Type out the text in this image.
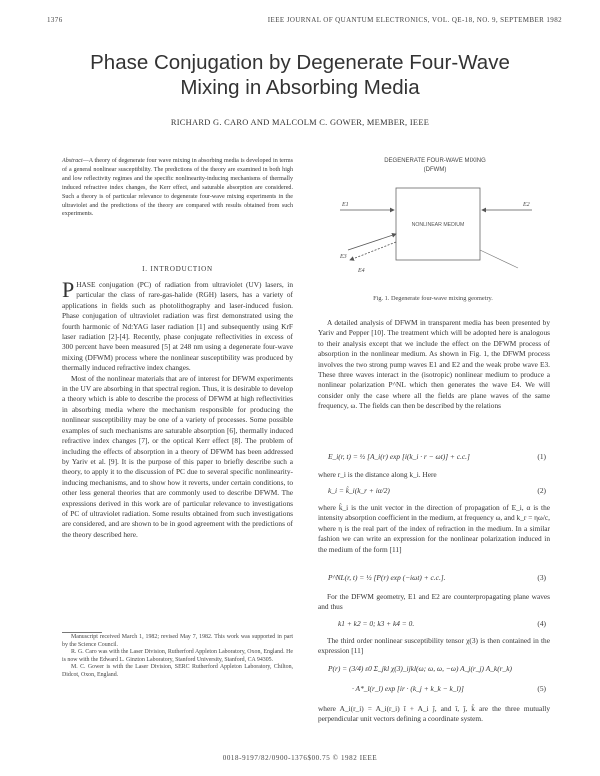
1376	IEEE JOURNAL OF QUANTUM ELECTRONICS, VOL. QE-18, NO. 9, SEPTEMBER 1982
Phase Conjugation by Degenerate Four-Wave
Mixing in Absorbing Media
RICHARD G. CARO AND MALCOLM C. GOWER, MEMBER, IEEE
Abstract—A theory of degenerate four wave mixing in absorbing media is developed in terms of a general nonlinear susceptibility. The predictions of the theory are examined in both high and low reflectivity regimes and the specific nonlinearity-inducing mechanisms of thermally induced refractive index changes, the Kerr effect, and saturable absorption are considered. Such a theory is of particular relevance to degenerate four-wave mixing experiments in the ultraviolet and the predictions of the theory are compared with results obtained from such experiments.
I. INTRODUCTION

PHASE conjugation (PC) of radiation from ultraviolet (UV) lasers, in particular the class of rare-gas-halide (RGH) lasers, has a variety of applications in fields such as photolithography and laser-induced fusion. Phase conjugation of ultraviolet radiation was first demonstrated using the fourth harmonic of Nd:YAG laser radiation [1] and subsequently using KrF laser radiation [2]-[4]. Recently, phase conjugate reflectivities in excess of 300 percent have been measured [5] at 248 nm using a degenerate four-wave mixing (DFWM) process where the nonlinear susceptibility was produced by thermally induced refractive index changes.

Most of the nonlinear materials that are of interest for DFWM experiments in the UV are absorbing in that spectral region. Thus, it is desirable to develop a theory which is able to describe the process of DFWM at high reflectivities in absorbing media where the mechanism responsible for producing the nonlinear susceptibility may be one of a variety of processes. Some possible examples of such mechanisms are saturable absorption [6], thermally induced refractive index changes [7], or the optical Kerr effect [8]. The problem of including the effects of absorption in a theory of DFWM has been addressed by Yariv et al. [9]. It is the purpose of this paper to briefly describe such a theory, to apply it to the discussion of PC due to several specific nonlinearity-inducing mechanisms, and to show how it reverts, under certain conditions, to other less general theories that are commonly used to describe DFWM. The expressions derived in this work are of particular relevance to investigations of PC of ultraviolet radiation. Some results obtained from such investigations are considered, and are shown to be in good agreement with the predictions of the theory described here.

Manuscript received March 1, 1982; revised May 7, 1982. This work was supported in part by the Science Council.

R. G. Caro was with the Laser Division, Rutherford Appleton Laboratory, Oxon, England. He is now with the Edward L. Ginzton Laboratory, Stanford University, Stanford, CA 94305.

M. C. Gower is with the Laser Division, SERC Rutherford Appleton Laboratory, Chilton, Didcot, Oxon, England.

DEGENERATE FOUR-WAVE MIXING
(DFWM)
NONLINEAR MEDIUM
E1	E2
E3
E4
Fig. 1. Degenerate four-wave mixing geometry.

A detailed analysis of DFWM in transparent media has been presented by Yariv and Pepper [10]. The treatment which will be adopted here is analogous to their analysis except that we include the effect on the DFWM process of absorption in the nonlinear medium. As shown in Fig. 1, the DFWM process involves the two strong pump waves E1 and E2 and the weak probe wave E3. These three waves interact in the (isotropic) nonlinear medium to produce a nonlinear polarization P^NL which then generates the wave E4. We will consider only the case where all the fields are plane waves of the same frequency, ω. The fields can then be described by the relations

E_i(r, t) = ½ [A_i(r) exp [i(k_i · r − ωt)] + c.c.]	(1)

where r_i is the distance along k_i. Here

k_i = k̂_i(k_r + iα/2)	(2)

where k̂_i is the unit vector in the direction of propagation of E_i, α is the intensity absorption coefficient in the medium, at frequency ω, and k_r = ηω/c, where η is the real part of the index of refraction in the medium. In a similar fashion we can write an expression for the nonlinear polarization induced in the medium of the form [11]

P^NL(r, t) = ½ [P(r) exp (−iωt) + c.c.].	(3)

For the DFWM geometry, E1 and E2 are counterpropagating plane waves and thus

k1 + k2 = 0; k3 + k4 = 0.	(4)

The third order nonlinear susceptibility tensor χ(3) is then contained in the expression [11]

P(r) = (3/4) ε0 Σ_jkl χ(3)_ijkl(ω; ω, ω, −ω) A_j(r_j) A_k(r_k)
· A*_l(r_l) exp [ir · (k_j + k_k − k_l)]	(5)

where A_i(r_i) = A_i(r_i) î + A_i ĵ, and î, ĵ, k̂ are the three mutually perpendicular unit vectors defining a coordinate system.

0018-9197/82/0900-1376$00.75 © 1982 IEEE
